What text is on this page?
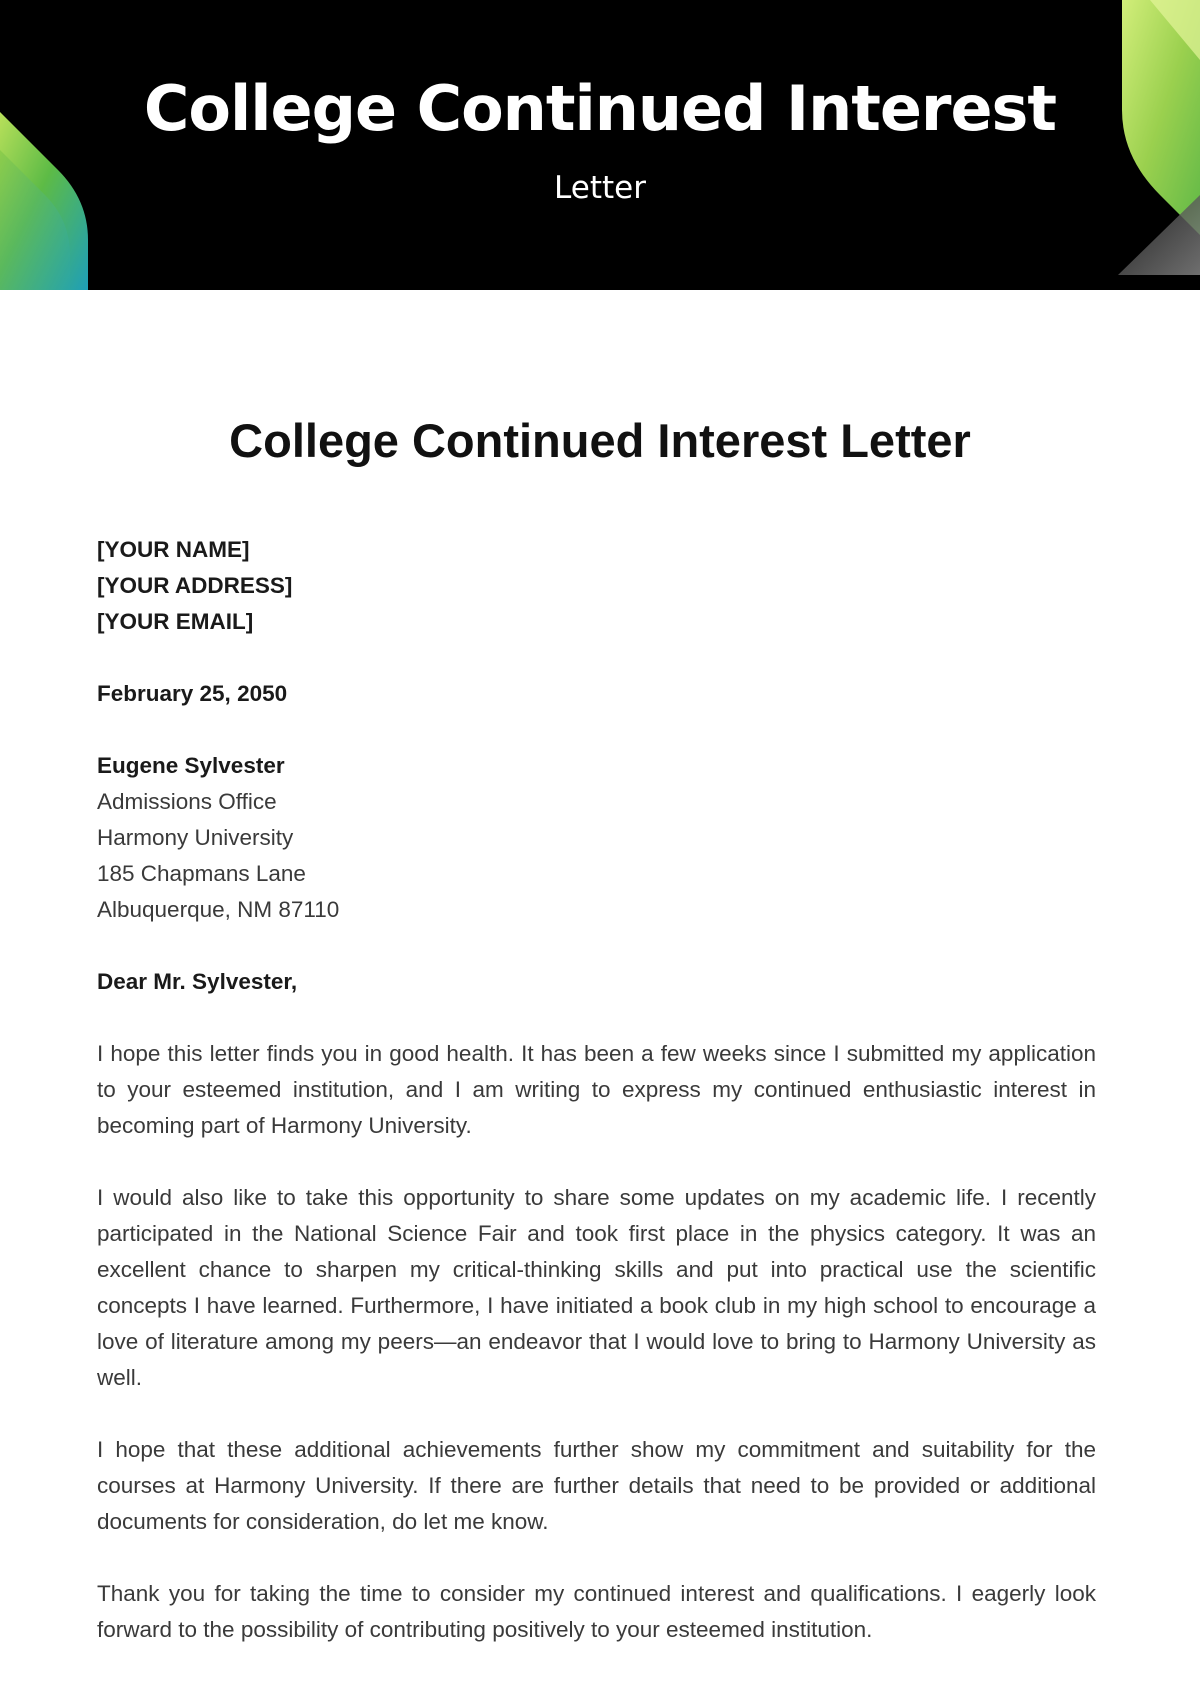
College Continued Interest
Letter
College Continued Interest Letter
[YOUR NAME]
[YOUR ADDRESS]
[YOUR EMAIL]
February 25, 2050
Eugene Sylvester
Admissions Office
Harmony University
185 Chapmans Lane
Albuquerque, NM 87110
Dear Mr. Sylvester,

I hope this letter finds you in good health. It has been a few weeks since I submitted my application to your esteemed institution, and I am writing to express my continued enthusiastic interest in becoming part of Harmony University.

I would also like to take this opportunity to share some updates on my academic life. I recently participated in the National Science Fair and took first place in the physics category. It was an excellent chance to sharpen my critical-thinking skills and put into practical use the scientific concepts I have learned. Furthermore, I have initiated a book club in my high school to encourage a love of literature among my peers—an endeavor that I would love to bring to Harmony University as well.

I hope that these additional achievements further show my commitment and suitability for the courses at Harmony University. If there are further details that need to be provided or additional documents for consideration, do let me know.

Thank you for taking the time to consider my continued interest and qualifications. I eagerly look forward to the possibility of contributing positively to your esteemed institution.
